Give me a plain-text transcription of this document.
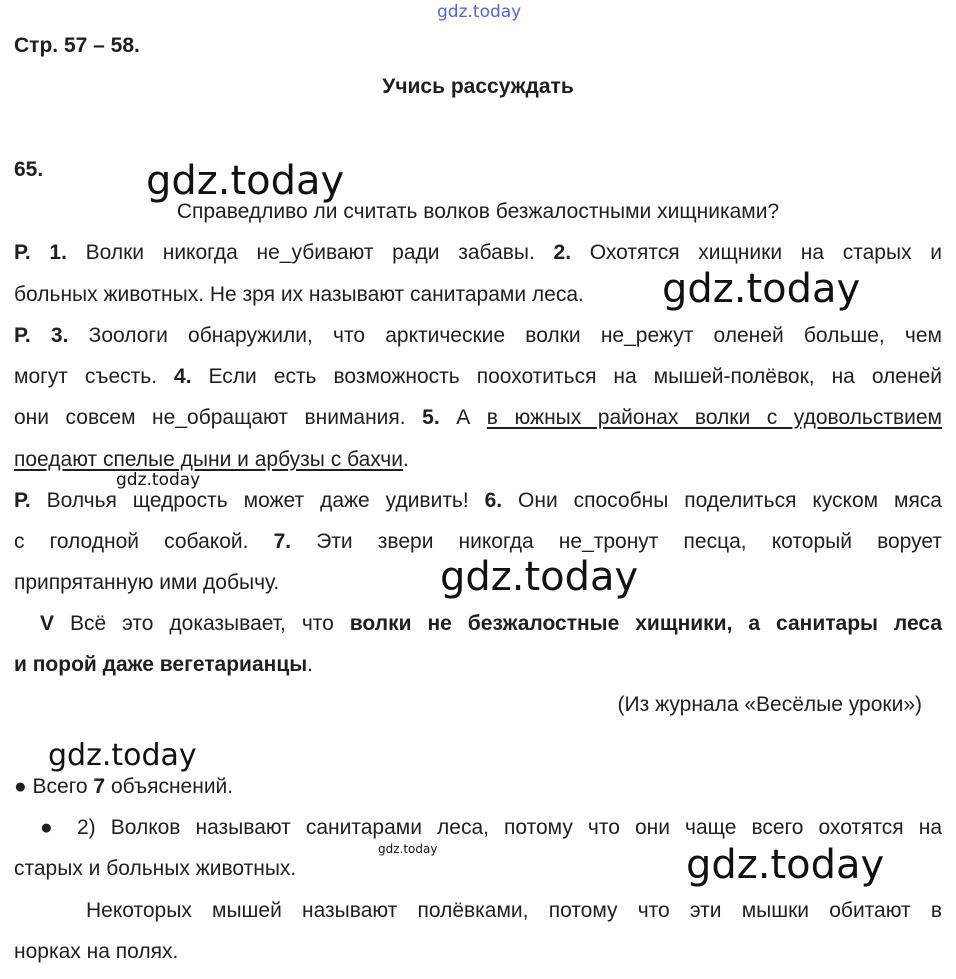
gdz.today
gdz.today
gdz.today
gdz.today
gdz.today
gdz.today
gdz.today	gdz.today
Стр. 57 – 58.
Учись рассуждать
65.
Справедливо ли считать волков безжалостными хищниками?
Р. 1. Волки никогда не_убивают ради забавы. 2. Охотятся хищники на старых и
больных животных. Не зря их называют санитарами леса.
Р. 3. Зоологи обнаружили, что арктические волки не_режут оленей больше, чем
могут съесть. 4. Если есть возможность поохотиться на мышей-полёвок, на оленей
они совсем не_обращают внимания. 5. А в южных районах волки с удовольствием
поедают спелые дыни и арбузы с бахчи.
Р. Волчья щедрость может даже удивить! 6. Они способны поделиться куском мяса
с голодной собакой. 7. Эти звери никогда не_тронут песца, который ворует
припрятанную ими добычу.
V Всё это доказывает, что волки не безжалостные хищники, а санитары леса
и порой даже вегетарианцы.
(Из журнала «Весёлые уроки»)
● Всего 7 объяснений.
● 2) Волков называют санитарами леса, потому что они чаще всего охотятся на
старых и больных животных.
Некоторых мышей называют полёвками, потому что эти мышки обитают в
норках на полях.
